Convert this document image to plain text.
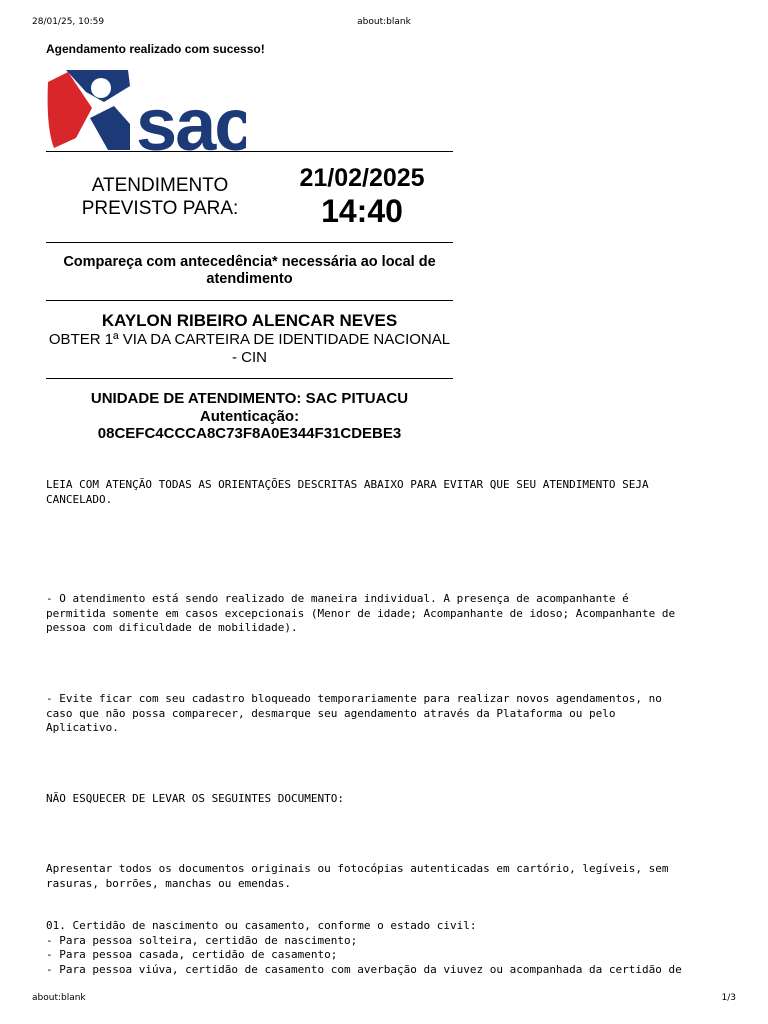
28/01/25, 10:59	about:blank
Agendamento realizado com sucesso!
sac
ATENDIMENTO
PREVISTO PARA:
21/02/2025
14:40
Compareça com antecedência* necessária ao local de atendimento
KAYLON RIBEIRO ALENCAR NEVES
OBTER 1ª VIA DA CARTEIRA DE IDENTIDADE NACIONAL - CIN
UNIDADE DE ATENDIMENTO: SAC PITUACU
Autenticação:
08CEFC4CCCA8C73F8A0E344F31CDEBE3
LEIA COM ATENÇÃO TODAS AS ORIENTAÇÕES DESCRITAS ABAIXO PARA EVITAR QUE SEU ATENDIMENTO SEJA
CANCELADO.
- O atendimento está sendo realizado de maneira individual. A presença de acompanhante é
permitida somente em casos excepcionais (Menor de idade; Acompanhante de idoso; Acompanhante de
pessoa com dificuldade de mobilidade).
- Evite ficar com seu cadastro bloqueado temporariamente para realizar novos agendamentos, no
caso que não possa comparecer, desmarque seu agendamento através da Plataforma ou pelo
Aplicativo.
NÃO ESQUECER DE LEVAR OS SEGUINTES DOCUMENTO:
Apresentar todos os documentos originais ou fotocópias autenticadas em cartório, legíveis, sem
rasuras, borrões, manchas ou emendas.
01. Certidão de nascimento ou casamento, conforme o estado civil:
- Para pessoa solteira, certidão de nascimento;
- Para pessoa casada, certidão de casamento;
- Para pessoa viúva, certidão de casamento com averbação da viuvez ou acompanhada da certidão de
about:blank	1/3
